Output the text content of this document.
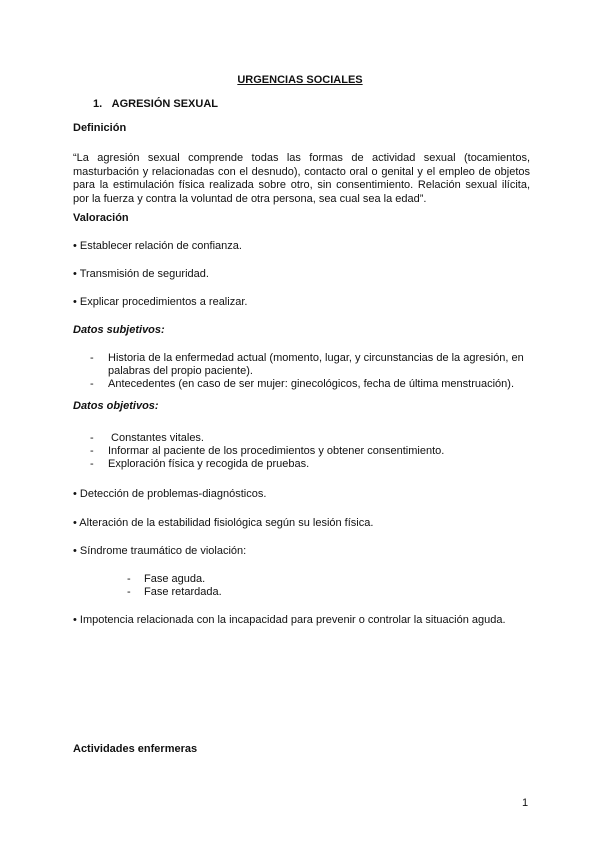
URGENCIAS SOCIALES
1. AGRESIÓN SEXUAL
Definición
“La agresión sexual comprende todas las formas de actividad sexual (tocamientos,
masturbación y relacionadas con el desnudo), contacto oral o genital y el empleo de objetos
para la estimulación física realizada sobre otro, sin consentimiento. Relación sexual ilícita,
por la fuerza y contra la voluntad de otra persona, sea cual sea la edad”.
Valoración
• Establecer relación de confianza.
• Transmisión de seguridad.
• Explicar procedimientos a realizar.
Datos subjetivos:
- Historia de la enfermedad actual (momento, lugar, y circunstancias de la agresión, en
palabras del propio paciente).
- Antecedentes (en caso de ser mujer: ginecológicos, fecha de última menstruación).
Datos objetivos:
- Constantes vitales.
- Informar al paciente de los procedimientos y obtener consentimiento.
- Exploración física y recogida de pruebas.
• Detección de problemas-diagnósticos.
• Alteración de la estabilidad fisiológica según su lesión física.
• Síndrome traumático de violación:
- Fase aguda.
- Fase retardada.
• Impotencia relacionada con la incapacidad para prevenir o controlar la situación aguda.
Actividades enfermeras
1
